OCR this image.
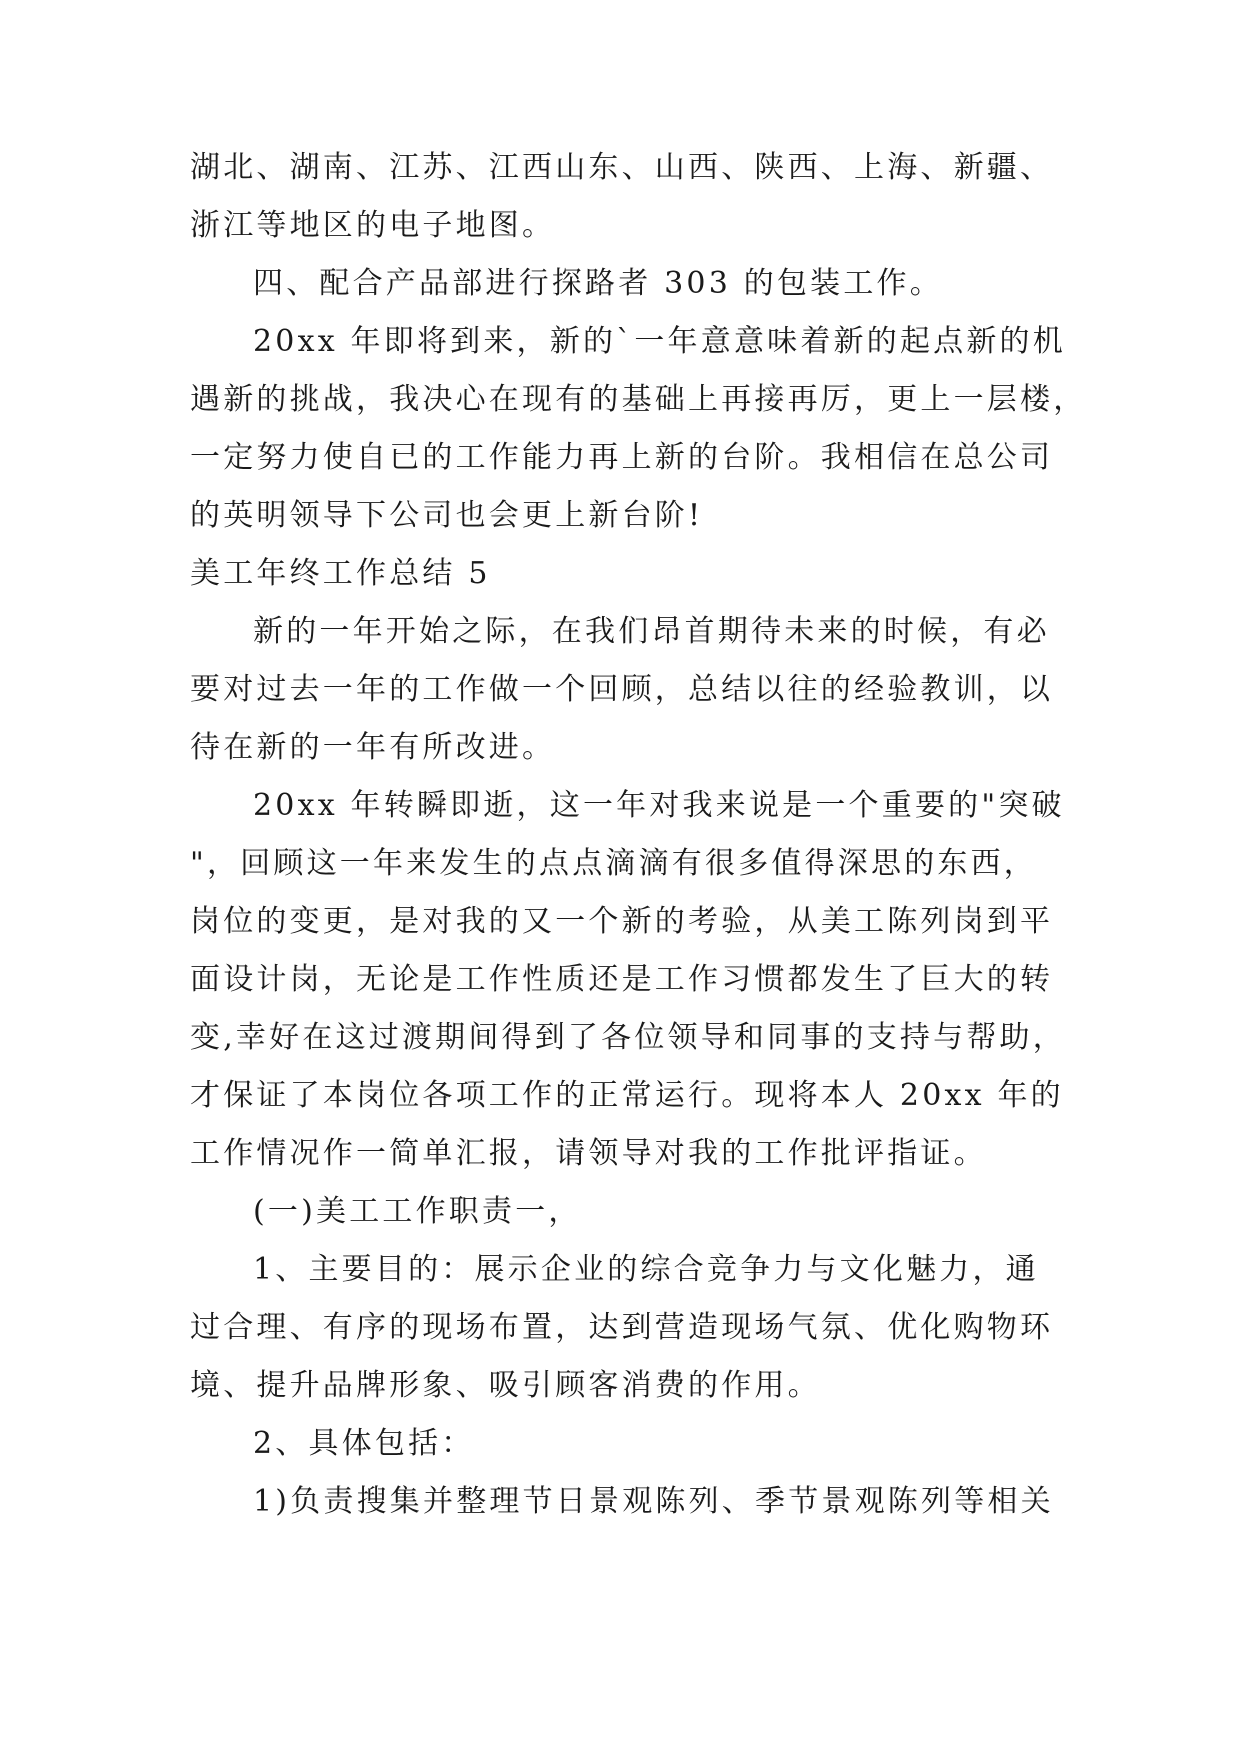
湖北、湖南、江苏、江西山东、山西、陕西、上海、新疆、
浙江等地区的电子地图。
四、配合产品部进行探路者 303 的包装工作。
20xx 年即将到来，新的`一年意意味着新的起点新的机
遇新的挑战，我决心在现有的基础上再接再厉，更上一层楼，
一定努力使自已的工作能力再上新的台阶。我相信在总公司
的英明领导下公司也会更上新台阶!
美工年终工作总结 5
新的一年开始之际，在我们昂首期待未来的时候，有必
要对过去一年的工作做一个回顾，总结以往的经验教训，以
待在新的一年有所改进。
20xx 年转瞬即逝，这一年对我来说是一个重要的"突破
"，回顾这一年来发生的点点滴滴有很多值得深思的东西，
岗位的变更，是对我的又一个新的考验，从美工陈列岗到平
面设计岗，无论是工作性质还是工作习惯都发生了巨大的转
变,幸好在这过渡期间得到了各位领导和同事的支持与帮助，
才保证了本岗位各项工作的正常运行。现将本人 20xx 年的
工作情况作一简单汇报，请领导对我的工作批评指证。
(一)美工工作职责一，
1、主要目的：展示企业的综合竞争力与文化魅力，通
过合理、有序的现场布置，达到营造现场气氛、优化购物环
境、提升品牌形象、吸引顾客消费的作用。
2、具体包括：
1)负责搜集并整理节日景观陈列、季节景观陈列等相关
